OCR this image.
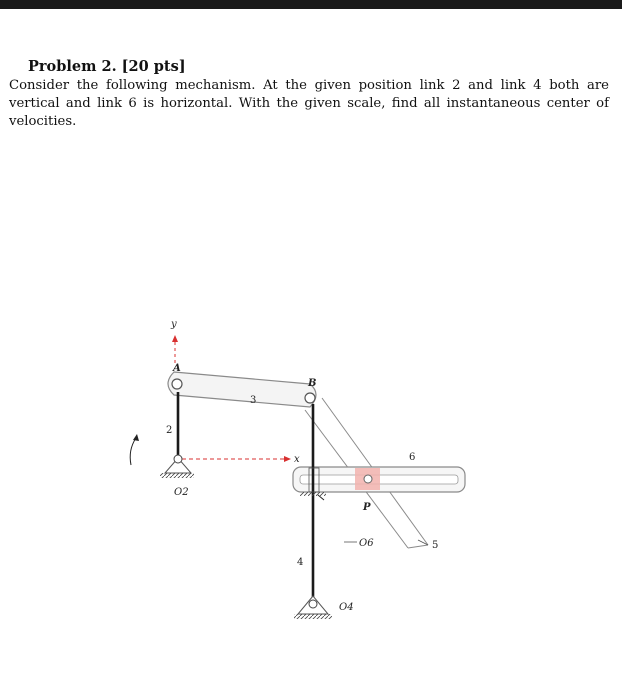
Problem 2. [20 pts]
Consider the following mechanism. At the given position link 2 and link 4 both are vertical and link 6 is horizontal. With the given scale, find all instantaneous center of velocities.
y
x
A
B
3
2
6
P
4
5
O2
O6
O4
